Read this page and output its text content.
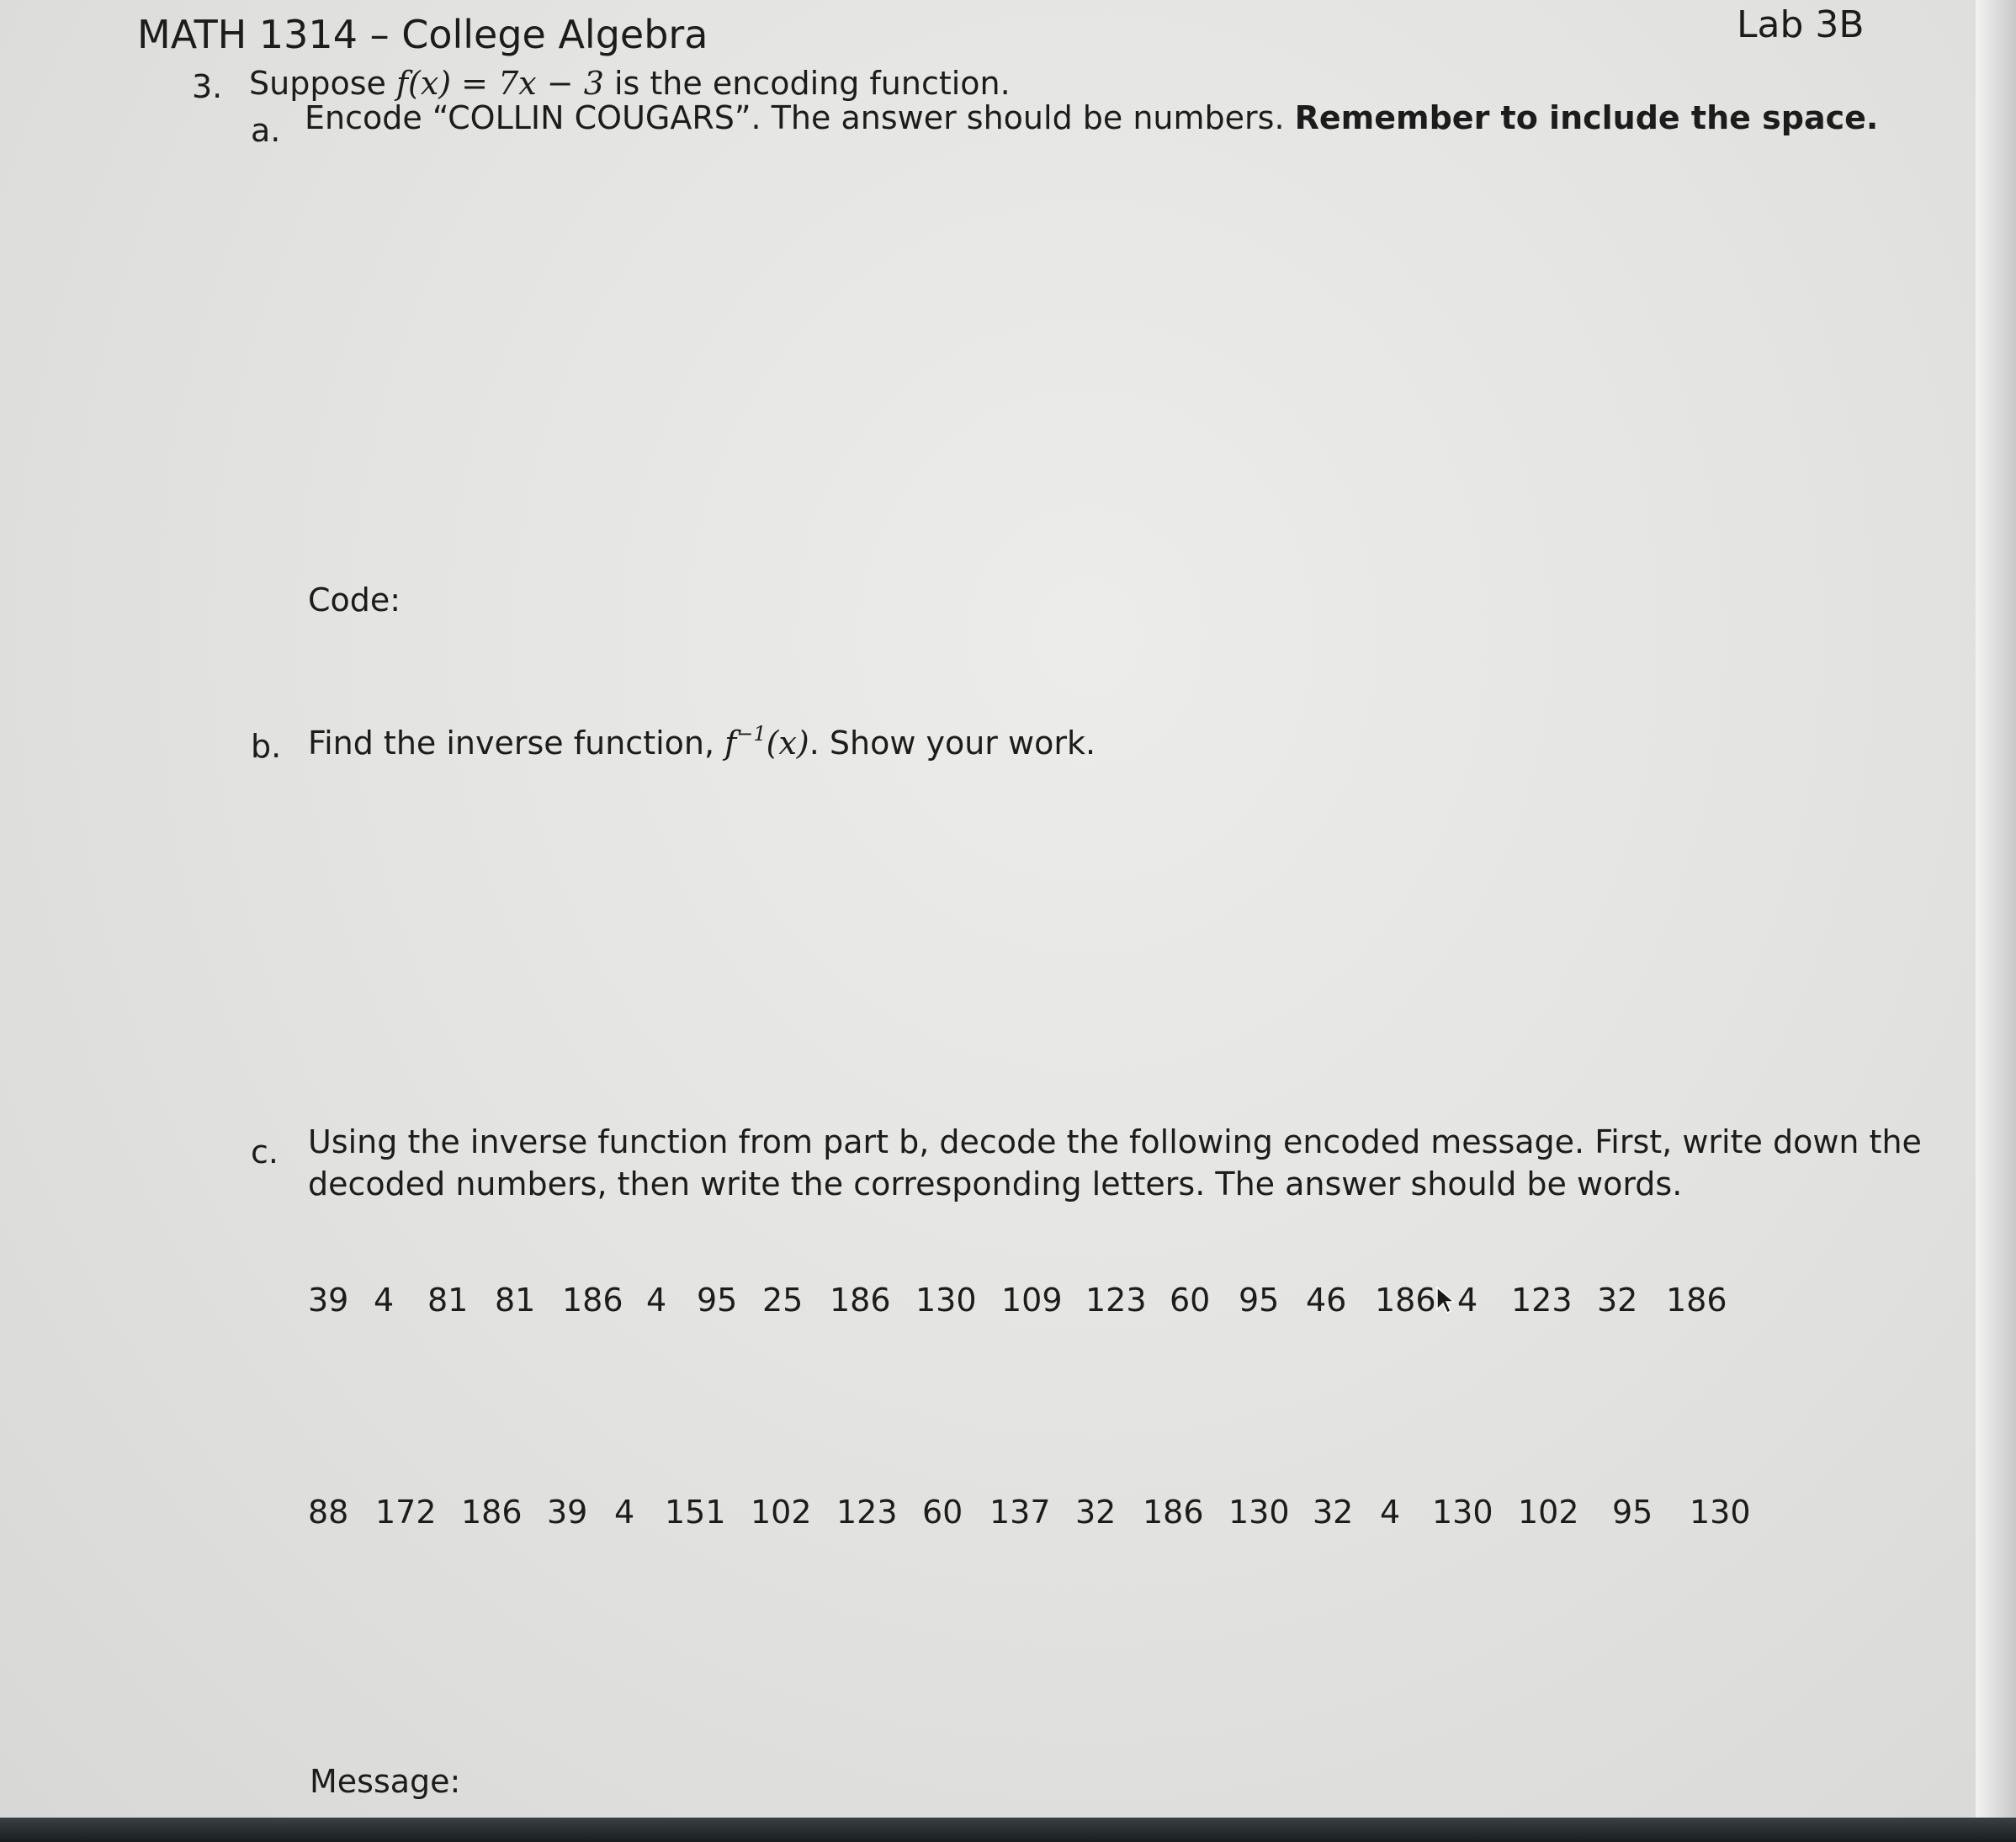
MATH 1314 – College Algebra	Lab 3B
3. Suppose f(x) = 7x − 3 is the encoding function.
a. Encode “COLLIN COUGARS”. The answer should be numbers. Remember to include the space.
Code:
b. Find the inverse function, $f^{-1}(x)$. Show your work.
c. Using the inverse function from part b, decode the following encoded message. First, write down the
decoded numbers, then write the corresponding letters. The answer should be words.
39 4 81 81 186 4 95 25 186 130 109 123 60 95 46 186 4 123 32 186
88 172 186 39 4 151 102 123 60 137 32 186 130 32 4 130 102 95 130
Message:
